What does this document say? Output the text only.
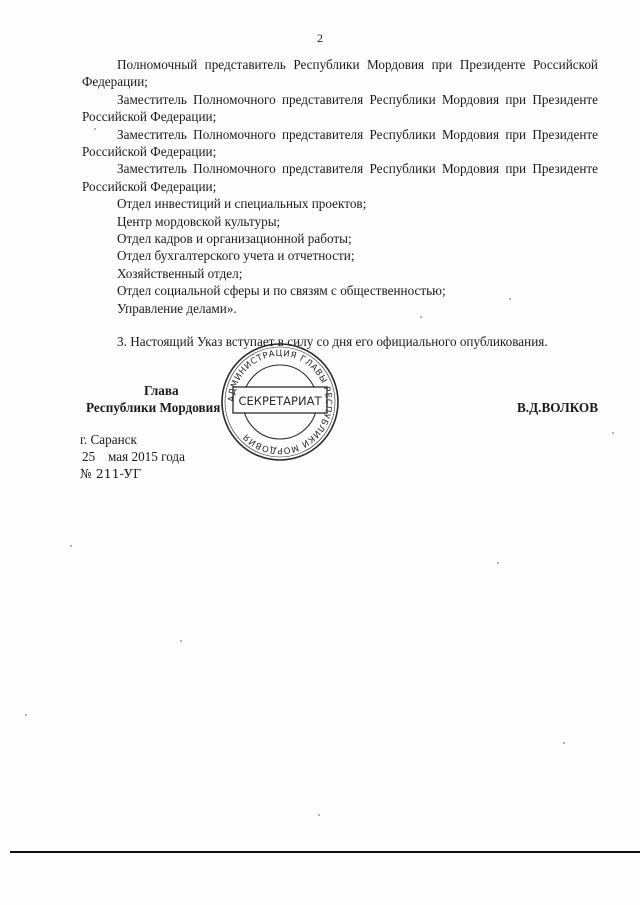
2

Полномочный представитель Республики Мордовия при Президенте Российской Федерации;

Заместитель Полномочного представителя Республики Мордовия при Президенте Российской Федерации;

Заместитель Полномочного представителя Республики Мордовия при Президенте Российской Федерации;

Заместитель Полномочного представителя Республики Мордовия при Президенте Российской Федерации;

Отдел инвестиций и специальных проектов;

Центр мордовской культуры;

Отдел кадров и организационной работы;

Отдел бухгалтерского учета и отчетности;

Хозяйственный отдел;

Отдел социальной сферы и по связям с общественностью;

Управление делами».

3. Настоящий Указ вступает в силу со дня его официального опубликования.

Глава
Республики Мордовия	В.Д.ВОЛКОВ
АДМИНИСТРАЦИЯ ГЛАВЫ РЕСПУБЛИКИ МОРДОВИЯ
СЕКРЕТАРИАТ
г. Саранск
25 мая 2015 года
№ 211-УГ
